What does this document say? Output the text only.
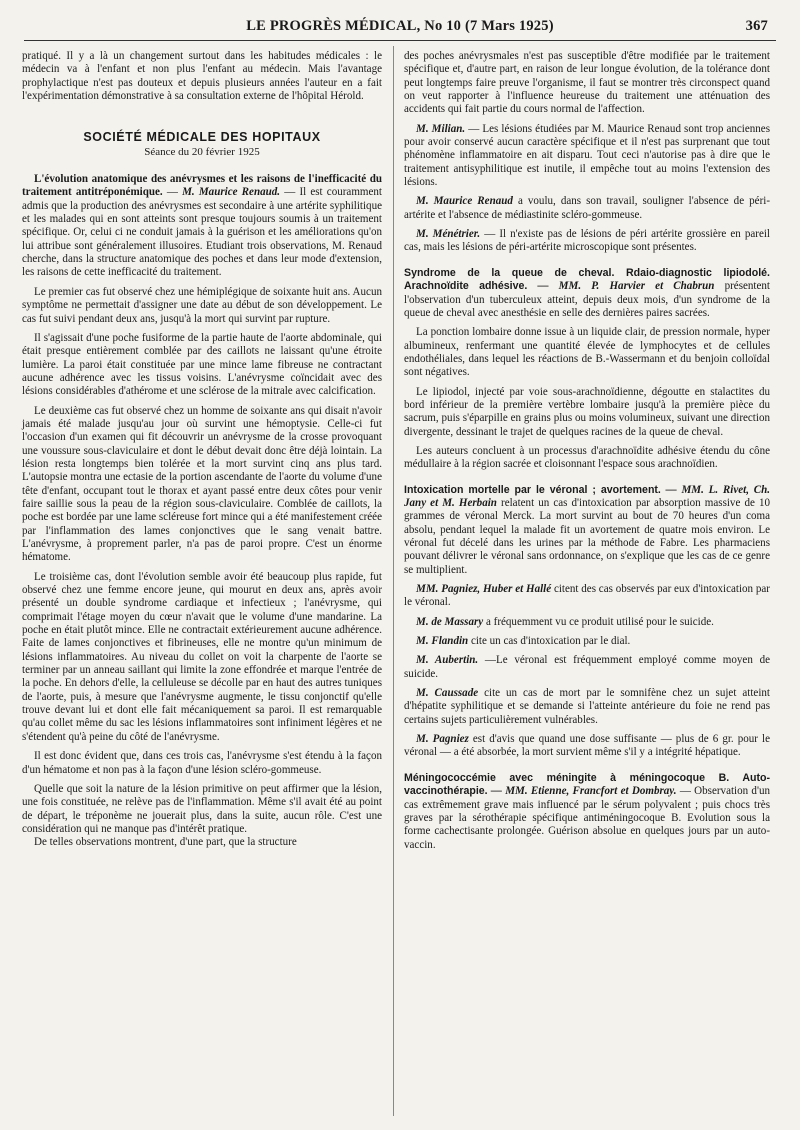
LE PROGRÈS MÉDICAL, No 10 (7 Mars 1925)	367

pratiqué. Il y a là un changement surtout dans les habitudes médicales : le médecin va à l'enfant et non plus l'enfant au médecin. Mais l'avantage prophylactique n'est pas douteux et depuis plusieurs années l'auteur en a fait l'expérimentation démonstrative à sa consultation externe de l'hôpital Hérold.

SOCIÉTÉ MÉDICALE DES HOPITAUX
Séance du 20 février 1925

L'évolution anatomique des anévrysmes et les raisons de l'inefficacité du traitement antitréponémique. — M. Maurice Renaud. — Il est couramment admis que la production des anévrysmes est secondaire à une artérite syphilitique et les malades qui en sont atteints sont presque toujours soumis à un traitement spécifique. Or, celui ci ne conduit jamais à la guérison et les améliorations qu'on lui attribue sont généralement illusoires. Etudiant trois observations, M. Renaud cherche, dans la structure anatomique des poches et dans leur mode d'extension, les raisons de cette inefficacité du traitement.

Le premier cas fut observé chez une hémiplégique de soixante huit ans. Aucun symptôme ne permettait d'assigner une date au début de son développement. Le cas fut suivi pendant deux ans, jusqu'à la mort qui survint par rupture.

Il s'agissait d'une poche fusiforme de la partie haute de l'aorte abdominale, qui était presque entièrement comblée par des caillots ne laissant qu'une étroite lumière. La paroi était constituée par une mince lame fibreuse ne contractant aucune adhérence avec les tissus voisins. L'anévrysme coïncidait avec des lésions considérables d'athérome et une sclérose de la mitrale avec calcification.

Le deuxième cas fut observé chez un homme de soixante ans qui disait n'avoir jamais été malade jusqu'au jour où survint une hémoptysie. Celle-ci fut l'occasion d'un examen qui fit découvrir un anévrysme de la crosse provoquant une voussure sous-claviculaire et dont le début devait donc être déjà lointain. La lésion resta longtemps bien tolérée et la mort survint cinq ans plus tard. L'autopsie montra une ectasie de la portion ascendante de l'aorte du volume d'une tête d'enfant, occupant tout le thorax et ayant passé entre deux côtes pour venir faire saillie sous la peau de la région sous-claviculaire. Comblée de caillots, la poche est bordée par une lame scléreuse fort mince qui a été manifestement créée par l'inflammation des lames conjonctives que le sang venait battre. L'anévrysme, à proprement parler, n'a pas de paroi propre. C'est un énorme hématome.

Le troisième cas, dont l'évolution semble avoir été beaucoup plus rapide, fut observé chez une femme encore jeune, qui mourut en deux ans, après avoir présenté un double syndrome cardiaque et infectieux ; l'anévrysme, qui comprimait l'étage moyen du cœur n'avait que le volume d'une mandarine. La poche en était plutôt mince. Elle ne contractait extérieurement aucune adhérence. Faite de lames conjonctives et fibrineuses, elle ne montre qu'un minimum de lésions inflammatoires. Au niveau du collet on voit la charpente de l'aorte se terminer par un anneau saillant qui limite la zone effondrée et marque l'entrée de la poche. En dehors d'elle, la celluleuse se décolle par en haut des autres tuniques de l'aorte, puis, à mesure que l'anévrysme augmente, le tissu conjonctif qu'elle trouve devant lui et dont elle fait mécaniquement sa paroi. Il est remarquable qu'au collet même du sac les lésions inflammatoires sont infiniment légères et ne s'étendent qu'à peine du côté de l'anévrysme.

Il est donc évident que, dans ces trois cas, l'anévrysme s'est étendu à la façon d'un hématome et non pas à la façon d'une lésion scléro-gommeuse.

Quelle que soit la nature de la lésion primitive on peut affirmer que la lésion, une fois constituée, ne relève pas de l'inflammation. Même s'il avait été au point de départ, le tréponème ne jouerait plus, dans la suite, aucun rôle. C'est une considération qui ne manque pas d'intérêt pratique.

De telles observations montrent, d'une part, que la structure

des poches anévrysmales n'est pas susceptible d'être modifiée par le traitement spécifique et, d'autre part, en raison de leur longue évolution, de la tolérance dont peut longtemps faire preuve l'organisme, il faut se montrer très circonspect quand on veut rapporter à l'influence heureuse du traitement une atténuation des accidents qui fait partie du cours normal de l'affection.

M. Milian. — Les lésions étudiées par M. Maurice Renaud sont trop anciennes pour avoir conservé aucun caractère spécifique et il n'est pas surprenant que tout phénomène inflammatoire en ait disparu. Tout ceci n'autorise pas à dire que le traitement antisyphilitique est inutile, il empêche tout au moins l'extension des lésions.

M. Maurice Renaud a voulu, dans son travail, souligner l'absence de péri-artérite et l'absence de médiastinite scléro-gommeuse.

M. Ménétrier. — Il n'existe pas de lésions de péri artérite grossière en pareil cas, mais les lésions de péri-artérite microscopique sont présentes.

Syndrome de la queue de cheval. Rdaio-diagnostic lipiodolé. Arachnoïdite adhésive. — MM. P. Harvier et Chabrun présentent l'observation d'un tuberculeux atteint, depuis deux mois, d'un syndrome de la queue de cheval avec anesthésie en selle des dernières paires sacrées.

La ponction lombaire donne issue à un liquide clair, de pression normale, hyper albumineux, renfermant une quantité élevée de lymphocytes et de cellules endothéliales, dans lequel les réactions de B.-Wassermann et du benjoin colloïdal sont négatives.

Le lipiodol, injecté par voie sous-arachnoïdienne, dégoutte en stalactites du bord inférieur de la première vertèbre lombaire jusqu'à la première pièce du sacrum, puis s'éparpille en grains plus ou moins volumineux, suivant une direction divergente, dessinant le trajet de quelques racines de la queue de cheval.

Les auteurs concluent à un processus d'arachnoïdite adhésive étendu du cône médullaire à la région sacrée et cloisonnant l'espace sous arachnoïdien.

Intoxication mortelle par le véronal ; avortement. — MM. L. Rivet, Ch. Jany et M. Herbain relatent un cas d'intoxication par absorption massive de 10 grammes de véronal Merck. La mort survint au bout de 70 heures d'un coma absolu, pendant lequel la malade fit un avortement de quatre mois environ. Le véronal fut décelé dans les urines par la méthode de Fabre. Les pharmaciens pouvant délivrer le véronal sans ordonnance, on s'explique que les cas de ce genre se multiplient.

MM. Pagniez, Huber et Hallé citent des cas observés par eux d'intoxication par le véronal.

M. de Massary a fréquemment vu ce produit utilisé pour le suicide.

M. Flandin cite un cas d'intoxication par le dial.

M. Aubertin. —Le véronal est fréquemment employé comme moyen de suicide.

M. Caussade cite un cas de mort par le somnifène chez un sujet atteint d'hépatite syphilitique et se demande si l'atteinte antérieure du foie ne rend pas certains sujets particulièrement vulnérables.

M. Pagniez est d'avis que quand une dose suffisante — plus de 6 gr. pour le véronal — a été absorbée, la mort survient même s'il y a intégrité hépatique.

Méningococcémie avec méningite à méningocoque B. Auto-vaccinothérapie. — MM. Etienne, Francfort et Dombray. — Observation d'un cas extrêmement grave mais influencé par le sérum polyvalent ; puis chocs très graves par la sérothérapie spécifique antiméningocoque B. Evolution sous la forme cachectisante prolongée. Guérison absolue en quelques jours par un auto-vaccin.
